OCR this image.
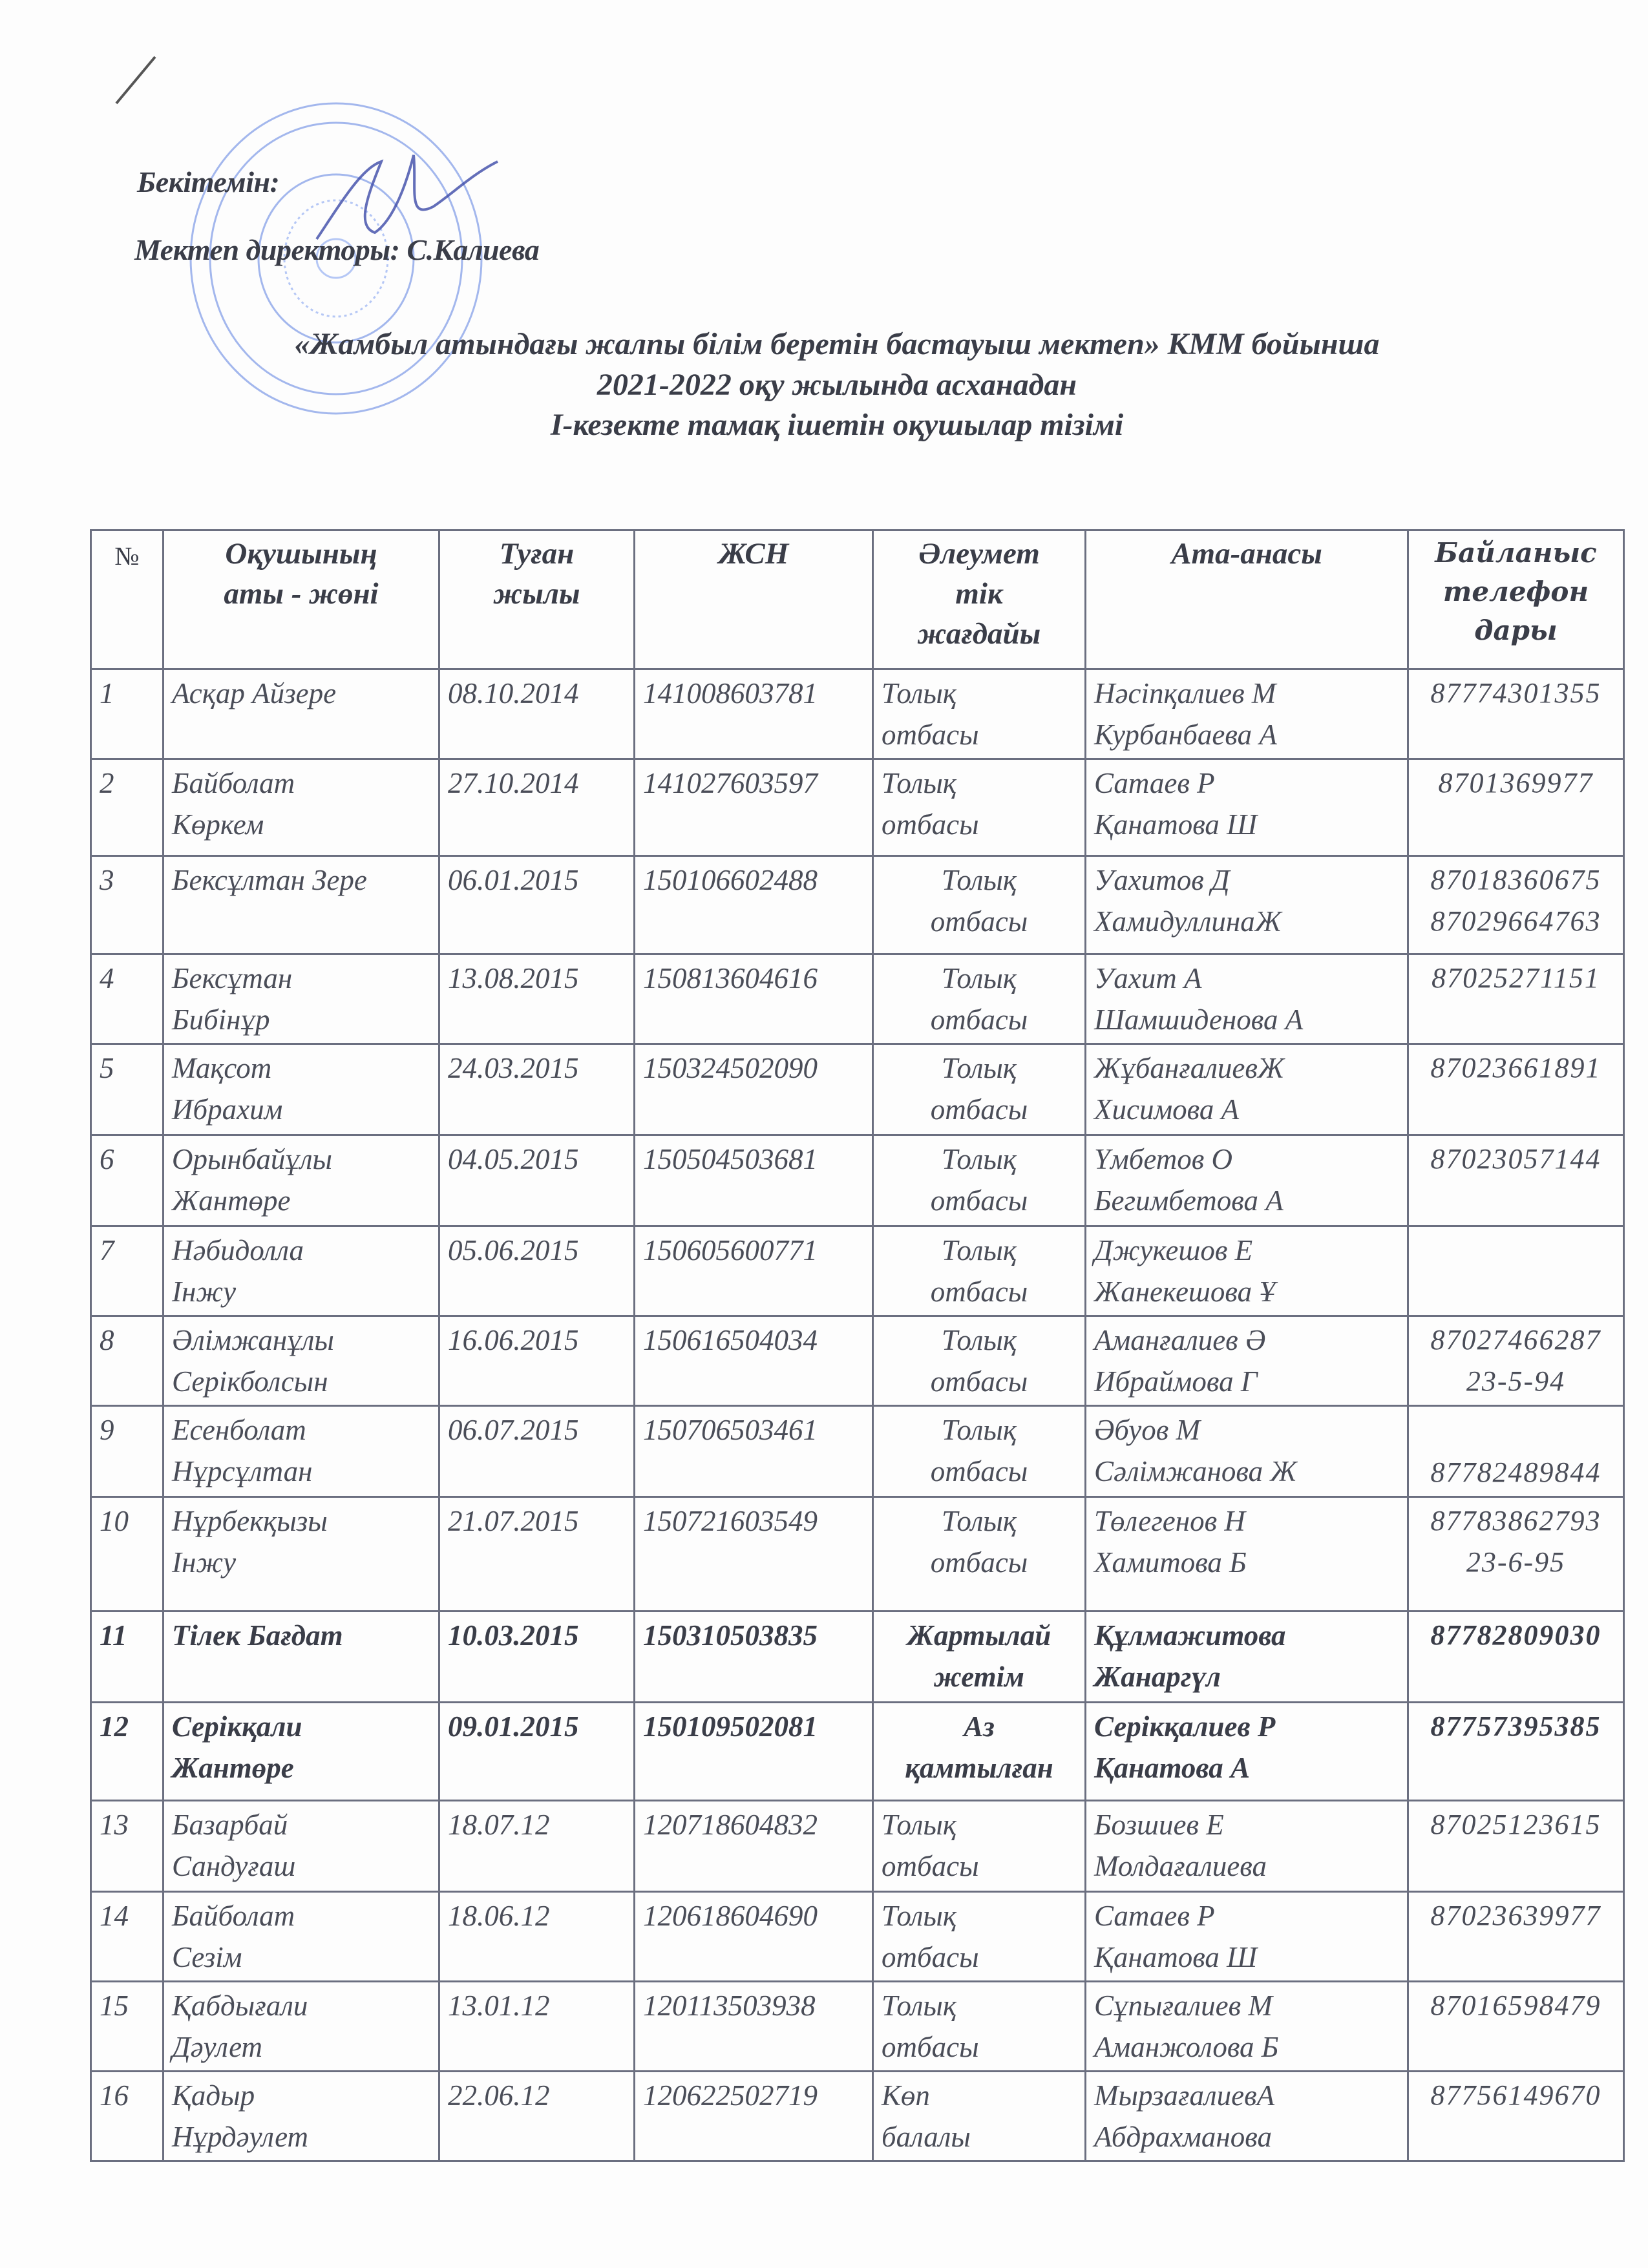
Бекітемін:
Мектеп директоры: С.Калиева
«Жамбыл атындағы жалпы білім беретін бастауыш мектеп» КММ бойынша
2021-2022 оқу жылында асханадан
І-кезекте тамақ ішетін оқушылар тізімі
№	Оқушының
аты - жөні	Туған
жылы	ЖСН	Әлеумет
тік
жағдайы	Ата-анасы	Байланыс
телефон
дары
1	Асқар Айзере	08.10.2014	141008603781	Толық
отбасы	Нәсіпқалиев М
Курбанбаева А	87774301355
2	Байболат
Көркем	27.10.2014	141027603597	Толық
отбасы	Сатаев Р
Қанатова Ш	8701369977
3	Бексұлтан Зере	06.01.2015	150106602488	Толық
отбасы	Уахитов Д
ХамидуллинаЖ	87018360675
87029664763
4	Бексұтан
Бибінұр	13.08.2015	150813604616	Толық
отбасы	Уахит А
Шамшиденова А	87025271151
5	Мақсот
Ибрахим	24.03.2015	150324502090	Толық
отбасы	ЖұбанғалиевЖ
Хисимова А	87023661891
6	Орынбайұлы
Жантөре	04.05.2015	150504503681	Толық
отбасы	Үмбетов О
Бегимбетова А	87023057144
7	Нәбидолла
Інжу	05.06.2015	150605600771	Толық
отбасы	Джукешов Е
Жанекешова Ұ	
8	Әлімжанұлы
Серікболсын	16.06.2015	150616504034	Толық
отбасы	Аманғалиев Ә
Ибраймова Г	87027466287
23-5-94
9	Есенболат
Нұрсұлтан	06.07.2015	150706503461	Толық
отбасы	Әбуов М
Сәлімжанова Ж	87782489844
10	Нұрбекқызы
Інжу	21.07.2015	150721603549	Толық
отбасы	Төлегенов Н
Хамитова Б	87783862793
23-6-95
11	Тілек Бағдат	10.03.2015	150310503835	Жартылай
жетім	Құлмажитова
Жанаргүл	87782809030
12	Серікқали
Жантөре	09.01.2015	150109502081	Аз
қамтылған	Серікқалиев Р
Қанатова А	87757395385
13	Базарбай
Сандуғаш	18.07.12	120718604832	Толық
отбасы	Бозшиев Е
Молдағалиева	87025123615
14	Байболат
Сезім	18.06.12	120618604690	Толық
отбасы	Сатаев Р
Қанатова Ш	87023639977
15	Қабдығали
Дәулет	13.01.12	120113503938	Толық
отбасы	Сұпығалиев М
Аманжолова Б	87016598479
16	Қадыр
Нұрдәулет	22.06.12	120622502719	Көп
балалы	МырзағалиевА
Абдрахманова	87756149670
